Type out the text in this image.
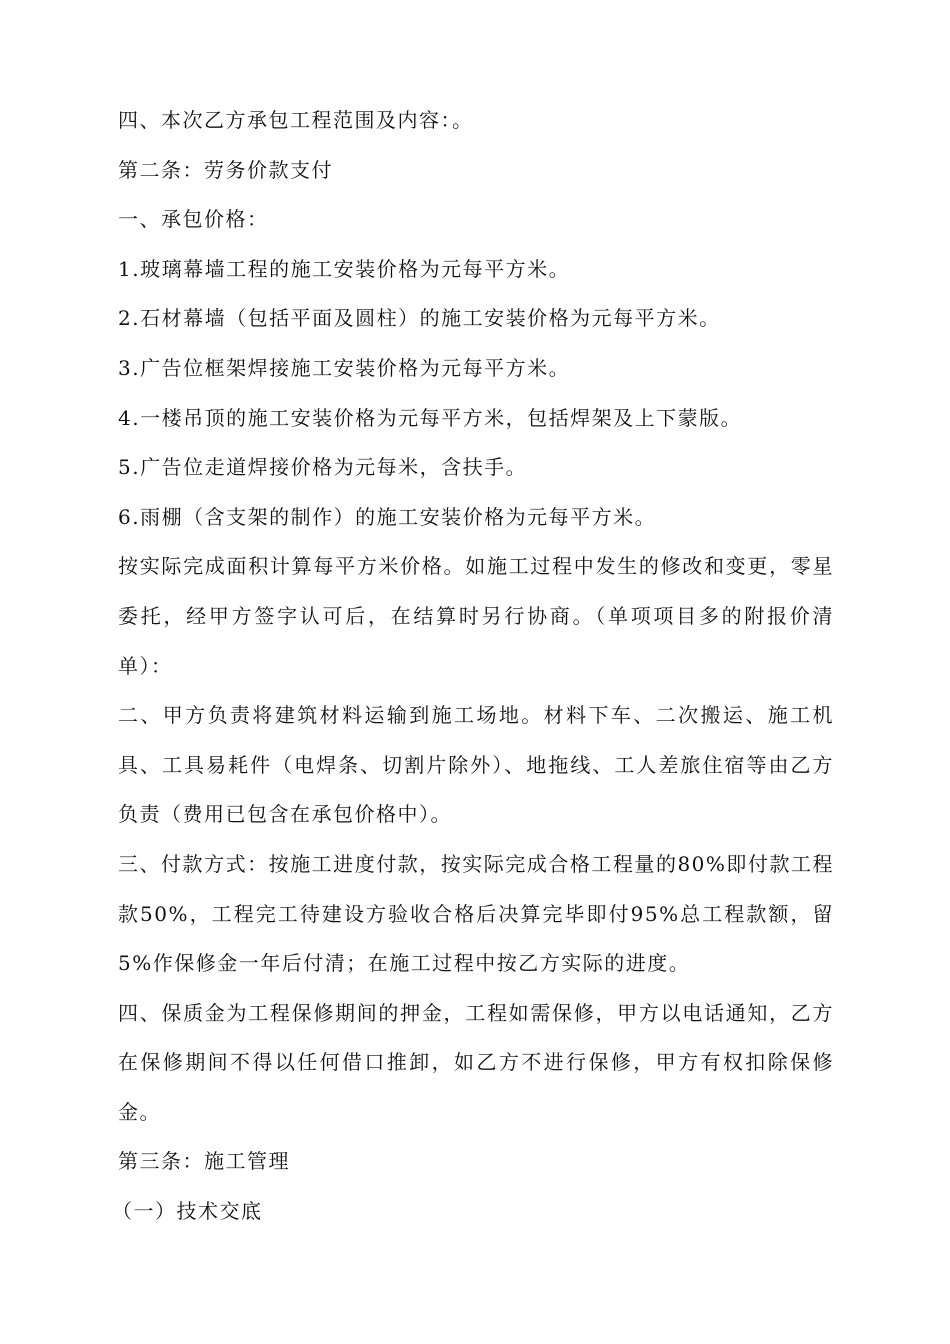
四、本次乙方承包工程范围及内容：。

第二条：劳务价款支付

一、承包价格：

1.玻璃幕墙工程的施工安装价格为元每平方米。

2.石材幕墙（包括平面及圆柱）的施工安装价格为元每平方米。

3.广告位框架焊接施工安装价格为元每平方米。

4.一楼吊顶的施工安装价格为元每平方米，包括焊架及上下蒙版。

5.广告位走道焊接价格为元每米，含扶手。

6.雨棚（含支架的制作）的施工安装价格为元每平方米。

按实际完成面积计算每平方米价格。如施工过程中发生的修改和变更，零星委托，经甲方签字认可后，在结算时另行协商。（单项项目多的附报价清单）：

二、甲方负责将建筑材料运输到施工场地。材料下车、二次搬运、施工机具、工具易耗件（电焊条、切割片除外）、地拖线、工人差旅住宿等由乙方负责（费用已包含在承包价格中）。

三、付款方式：按施工进度付款，按实际完成合格工程量的80%即付款工程款50%，工程完工待建设方验收合格后决算完毕即付95%总工程款额，留5%作保修金一年后付清；在施工过程中按乙方实际的进度。

四、保质金为工程保修期间的押金，工程如需保修，甲方以电话通知，乙方在保修期间不得以任何借口推卸，如乙方不进行保修，甲方有权扣除保修金。

第三条：施工管理

（一）技术交底
